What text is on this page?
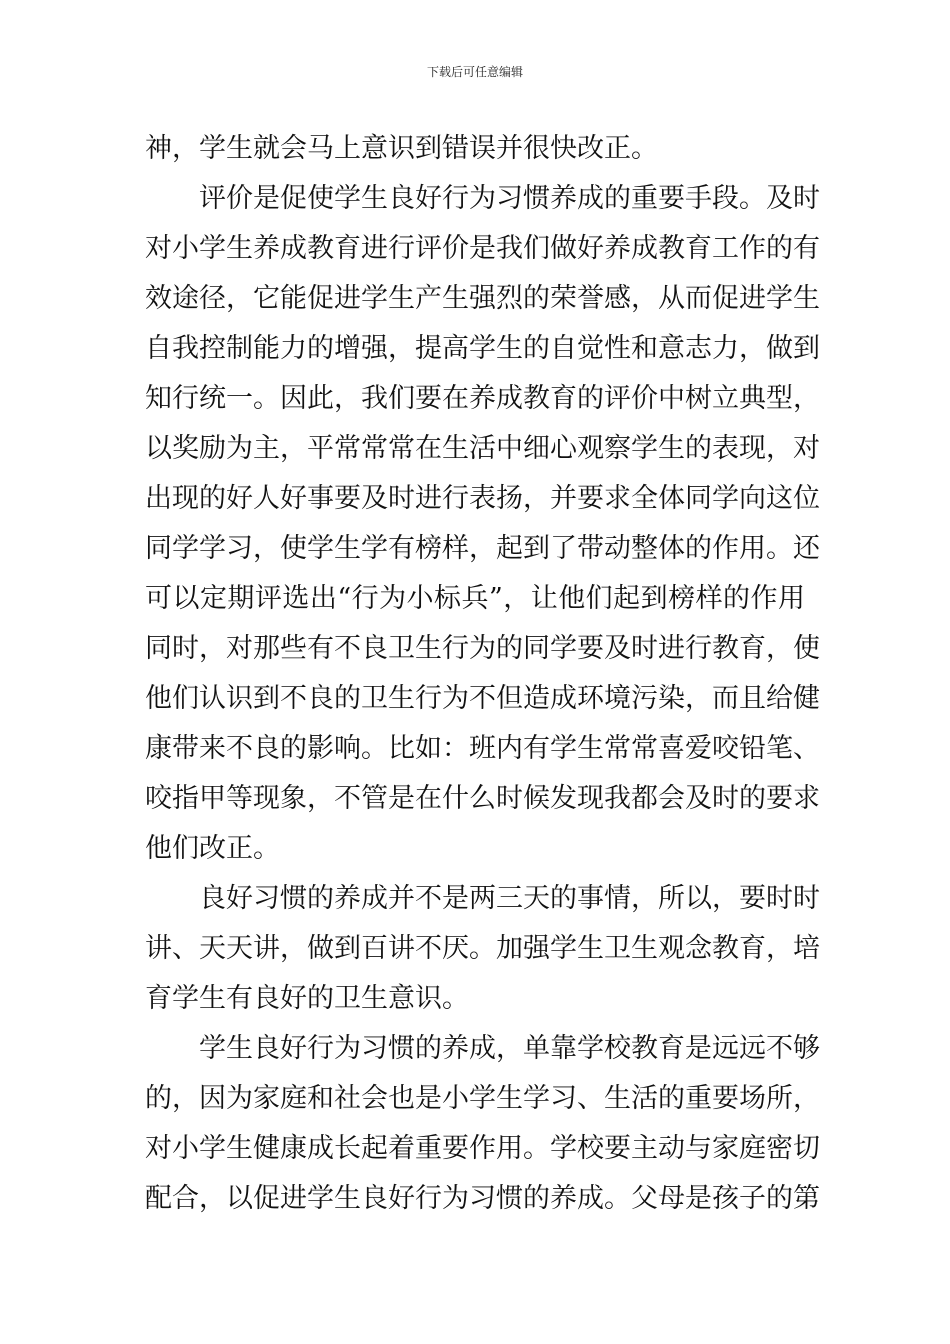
下载后可任意编辑
神，学生就会马上意识到错误并很快改正。
评价是促使学生良好行为习惯养成的重要手段。及时
对小学生养成教育进行评价是我们做好养成教育工作的有
效途径，它能促进学生产生强烈的荣誉感，从而促进学生
自我控制能力的增强，提高学生的自觉性和意志力，做到
知行统一。因此，我们要在养成教育的评价中树立典型，
以奖励为主，平常常常在生活中细心观察学生的表现，对
出现的好人好事要及时进行表扬，并要求全体同学向这位
同学学习，使学生学有榜样，起到了带动整体的作用。还
可以定期评选出“行为小标兵”，让他们起到榜样的作用
同时，对那些有不良卫生行为的同学要及时进行教育，使
他们认识到不良的卫生行为不但造成环境污染，而且给健
康带来不良的影响。比如：班内有学生常常喜爱咬铅笔、
咬指甲等现象，不管是在什么时候发现我都会及时的要求
他们改正。
良好习惯的养成并不是两三天的事情，所以，要时时
讲、天天讲，做到百讲不厌。加强学生卫生观念教育，培
育学生有良好的卫生意识。
学生良好行为习惯的养成，单靠学校教育是远远不够
的，因为家庭和社会也是小学生学习、生活的重要场所，
对小学生健康成长起着重要作用。学校要主动与家庭密切
配合，以促进学生良好行为习惯的养成。父母是孩子的第
